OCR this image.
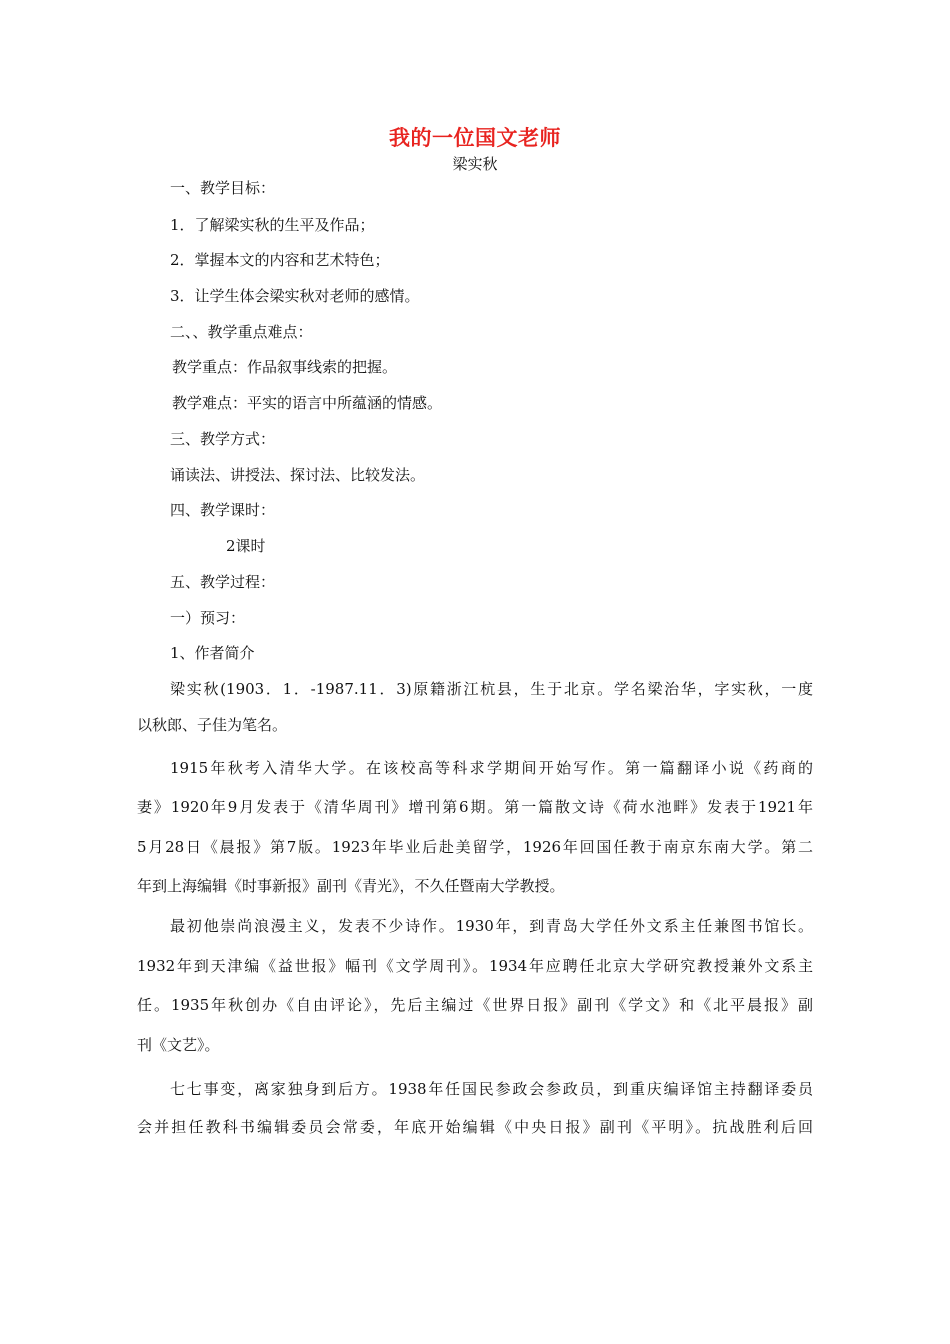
我的一位国文老师
梁实秋
一、教学目标：
1．了解梁实秋的生平及作品；
2．掌握本文的内容和艺术特色；
3．让学生体会梁实秋对老师的感情。
二、、教学重点难点：
教学重点：作品叙事线索的把握。
教学难点：平实的语言中所蕴涵的情感。
三、教学方式：
诵读法、讲授法、探讨法、比较发法。
四、教学课时：
2课时
五、教学过程：
一）预习：
1、作者简介
梁实秋(1903．1．-1987.11．3)原籍浙江杭县，生于北京。学名梁治华，字实秋，一度
以秋郎、子佳为笔名。
1915年秋考入清华大学。在该校高等科求学期间开始写作。第一篇翻译小说《药商的
妻》1920年9月发表于《清华周刊》增刊第6期。第一篇散文诗《荷水池畔》发表于1921年
5月28日《晨报》第7版。1923年毕业后赴美留学，1926年回国任教于南京东南大学。第二
年到上海编辑《时事新报》副刊《青光》，不久任暨南大学教授。
最初他崇尚浪漫主义，发表不少诗作。1930年，到青岛大学任外文系主任兼图书馆长。
1932年到天津编《益世报》幅刊《文学周刊》。1934年应聘任北京大学研究教授兼外文系主
任。1935年秋创办《自由评论》，先后主编过《世界日报》副刊《学文》和《北平晨报》副
刊《文艺》。
七七事变，离家独身到后方。1938年任国民参政会参政员，到重庆编译馆主持翻译委员
会并担任教科书编辑委员会常委，年底开始编辑《中央日报》副刊《平明》。抗战胜利后回
